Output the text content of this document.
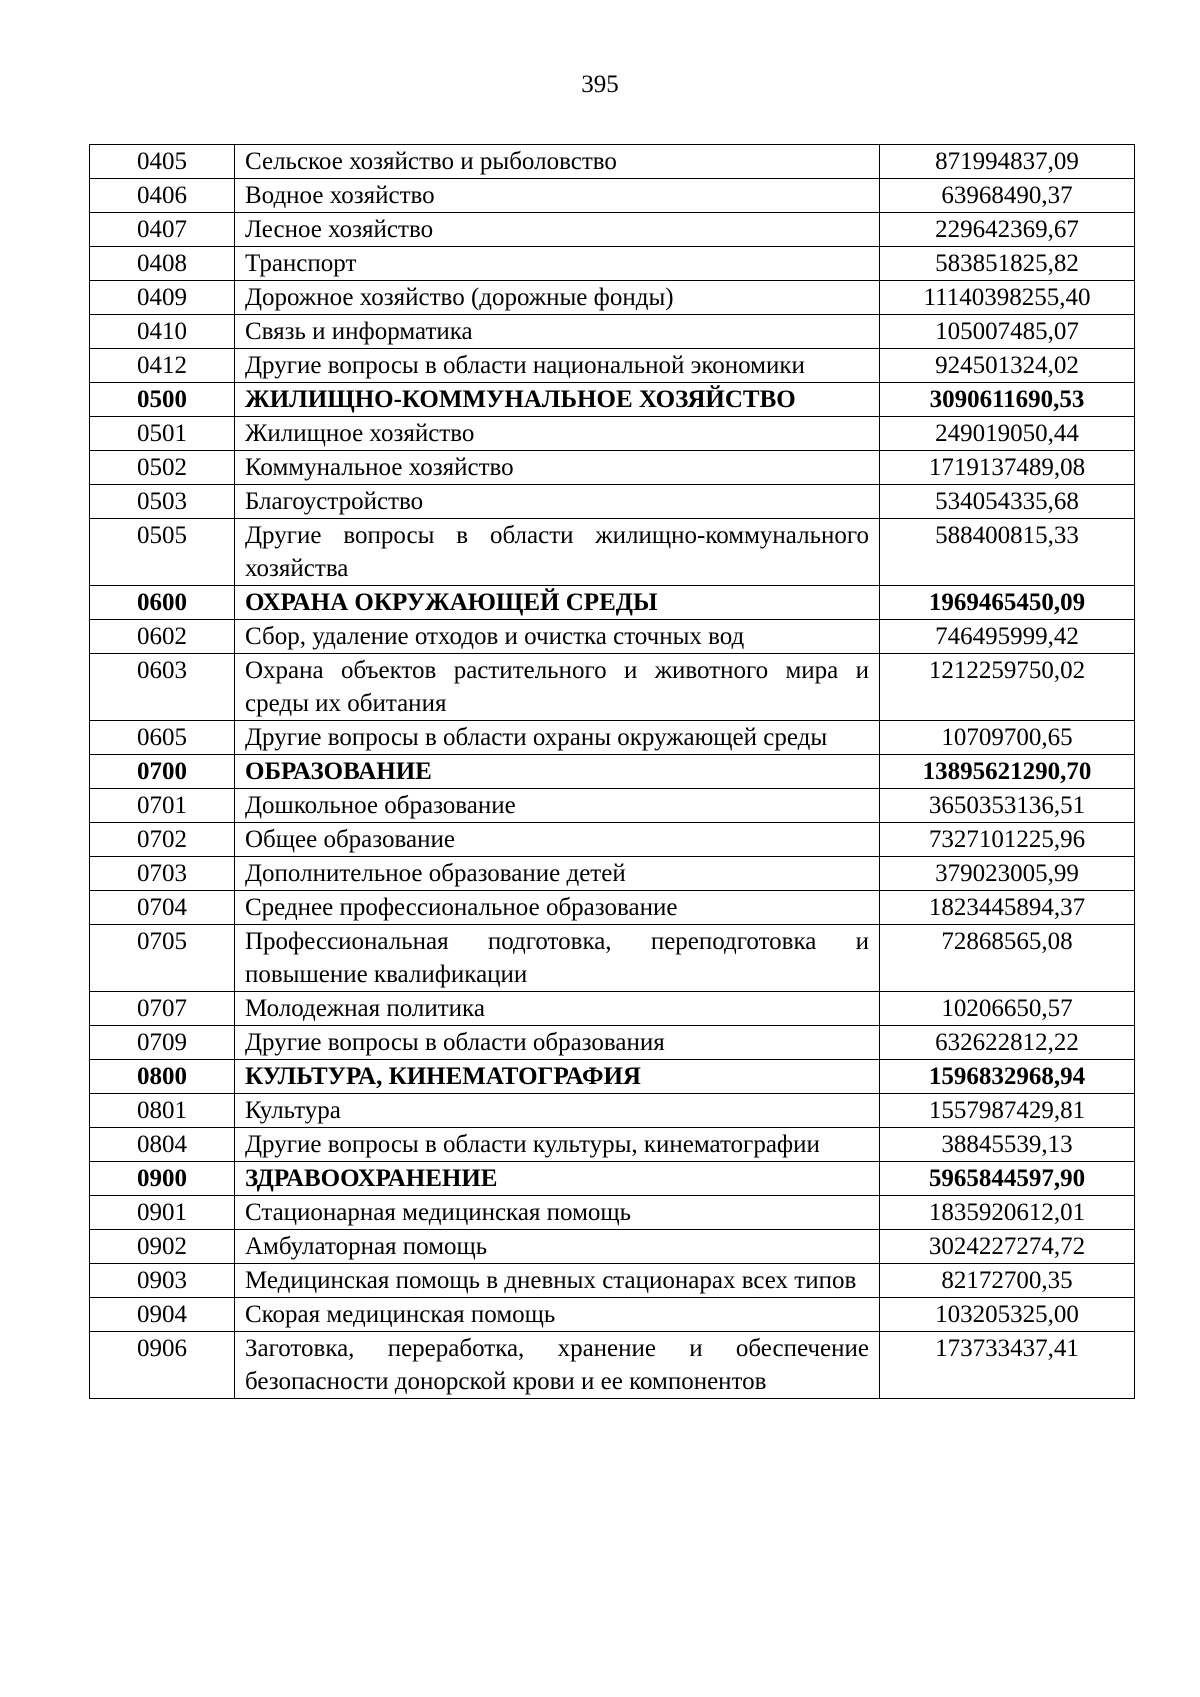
395
0405	Сельское хозяйство и рыболовство	871994837,09
0406	Водное хозяйство	63968490,37
0407	Лесное хозяйство	229642369,67
0408	Транспорт	583851825,82
0409	Дорожное хозяйство (дорожные фонды)	11140398255,40
0410	Связь и информатика	105007485,07
0412	Другие вопросы в области национальной экономики	924501324,02
0500	ЖИЛИЩНО-КОММУНАЛЬНОЕ ХОЗЯЙСТВО	3090611690,53
0501	Жилищное хозяйство	249019050,44
0502	Коммунальное хозяйство	1719137489,08
0503	Благоустройство	534054335,68
0505	Другие вопросы в области жилищно-коммунального хозяйства	588400815,33
0600	ОХРАНА ОКРУЖАЮЩЕЙ СРЕДЫ	1969465450,09
0602	Сбор, удаление отходов и очистка сточных вод	746495999,42
0603	Охрана объектов растительного и животного мира и среды их обитания	1212259750,02
0605	Другие вопросы в области охраны окружающей среды	10709700,65
0700	ОБРАЗОВАНИЕ	13895621290,70
0701	Дошкольное образование	3650353136,51
0702	Общее образование	7327101225,96
0703	Дополнительное образование детей	379023005,99
0704	Среднее профессиональное образование	1823445894,37
0705	Профессиональная подготовка, переподготовка и повышение квалификации	72868565,08
0707	Молодежная политика	10206650,57
0709	Другие вопросы в области образования	632622812,22
0800	КУЛЬТУРА, КИНЕМАТОГРАФИЯ	1596832968,94
0801	Культура	1557987429,81
0804	Другие вопросы в области культуры, кинематографии	38845539,13
0900	ЗДРАВООХРАНЕНИЕ	5965844597,90
0901	Стационарная медицинская помощь	1835920612,01
0902	Амбулаторная помощь	3024227274,72
0903	Медицинская помощь в дневных стационарах всех типов	82172700,35
0904	Скорая медицинская помощь	103205325,00
0906	Заготовка, переработка, хранение и обеспечение безопасности донорской крови и ее компонентов	173733437,41
